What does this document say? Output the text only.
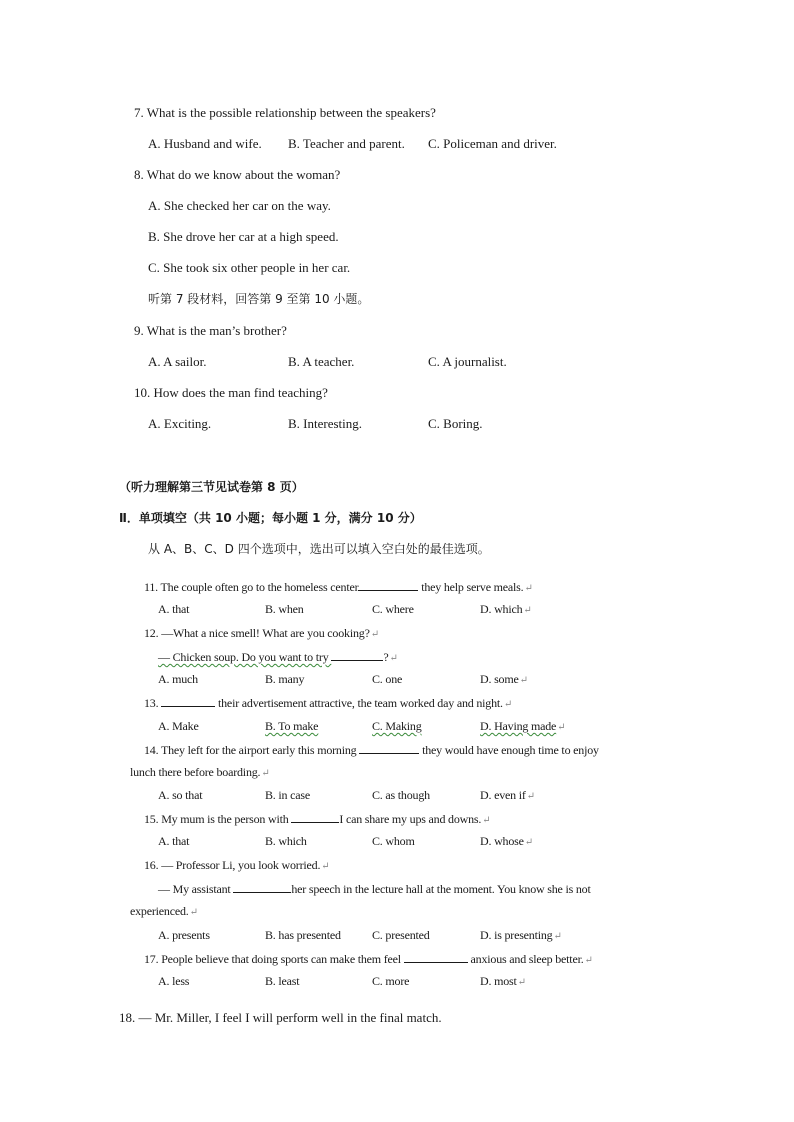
7. What is the possible relationship between the speakers?
A. Husband and wife. B. Teacher and parent. C. Policeman and driver.
8. What do we know about the woman?
A. She checked her car on the way.
B. She drove her car at a high speed.
C. She took six other people in her car.
听第 7 段材料，回答第 9 至第 10 小题。
9. What is the man’s brother?
A. A sailor.	B. A teacher.	C. A journalist.
10. How does the man find teaching?
A. Exciting.	B. Interesting.	C. Boring.
（听力理解第三节见试卷第 8 页）
Ⅱ．单项填空（共 10 小题；每小题 1 分，满分 10 分）
从 A、B、C、D 四个选项中，选出可以填入空白处的最佳选项。
11. The couple often go to the homeless center	they help serve meals.↵
A. that	B. when	C. where	D. which↵
12. —What a nice smell! What are you cooking?↵
— Chicken soup. Do you want to try	?↵
A. much	B. many	C. one	D. some↵
13.	their advertisement attractive, the team worked day and night.↵
A. Make	B. To make	C. Making	D. Having made↵
14. They left for the airport early this morning	they would have enough time to enjoy
lunch there before boarding.↵
A. so that	B. in case	C. as though	D. even if↵
15. My mum is the person with	I can share my ups and downs.↵
A. that	B. which	C. whom	D. whose↵
16. — Professor Li, you look worried.↵
— My assistant	her speech in the lecture hall at the moment. You know she is not
experienced.↵
A. presents	B. has presented	C. presented	D. is presenting↵
17. People believe that doing sports can make them feel	anxious and sleep better.↵
A. less	B. least	C. more	D. most↵
18. — Mr. Miller, I feel I will perform well in the final match.
